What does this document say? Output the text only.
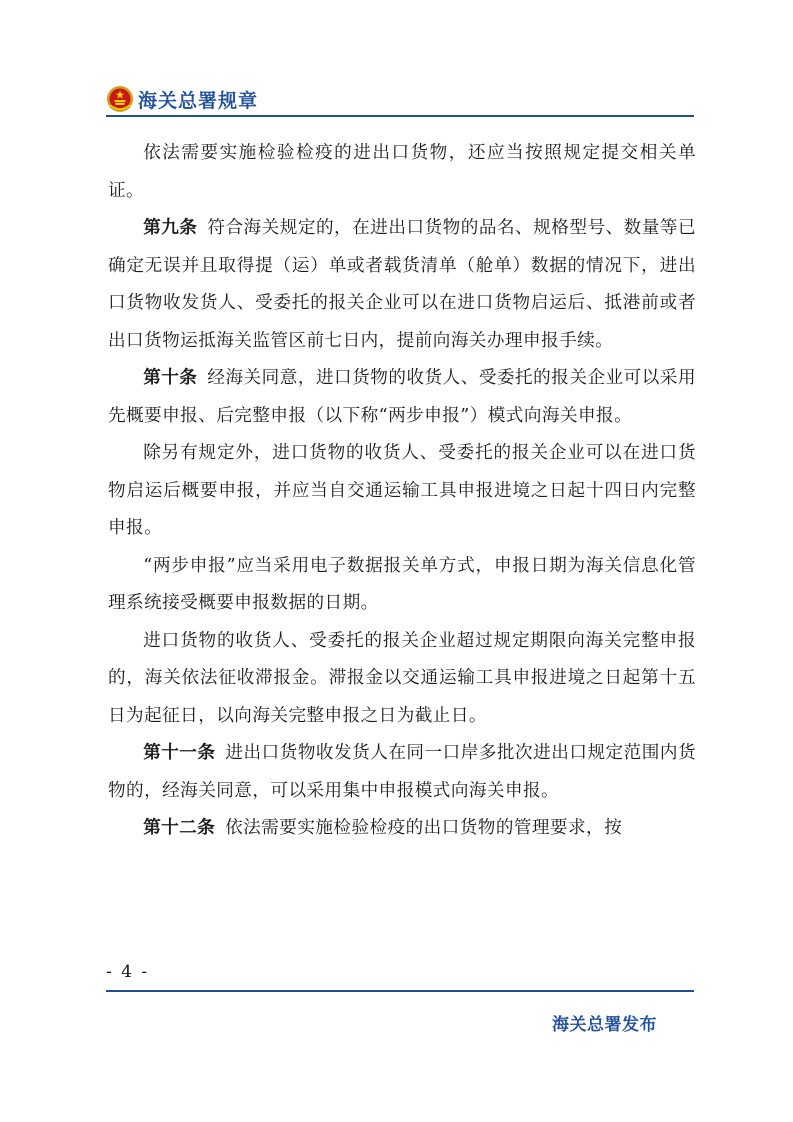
海关总署规章

依法需要实施检验检疫的进出口货物，还应当按照规定提交相关单证。

第九条 符合海关规定的，在进出口货物的品名、规格型号、数量等已确定无误并且取得提（运）单或者载货清单（舱单）数据的情况下，进出口货物收发货人、受委托的报关企业可以在进口货物启运后、抵港前或者出口货物运抵海关监管区前七日内，提前向海关办理申报手续。

第十条 经海关同意，进口货物的收货人、受委托的报关企业可以采用先概要申报、后完整申报（以下称“两步申报”）模式向海关申报。

除另有规定外，进口货物的收货人、受委托的报关企业可以在进口货物启运后概要申报，并应当自交通运输工具申报进境之日起十四日内完整申报。

“两步申报”应当采用电子数据报关单方式，申报日期为海关信息化管理系统接受概要申报数据的日期。

进口货物的收货人、受委托的报关企业超过规定期限向海关完整申报的，海关依法征收滞报金。滞报金以交通运输工具申报进境之日起第十五日为起征日，以向海关完整申报之日为截止日。

第十一条 进出口货物收发货人在同一口岸多批次进出口规定范围内货物的，经海关同意，可以采用集中申报模式向海关申报。

第十二条 依法需要实施检验检疫的出口货物的管理要求，按

- 4 -
海关总署发布
